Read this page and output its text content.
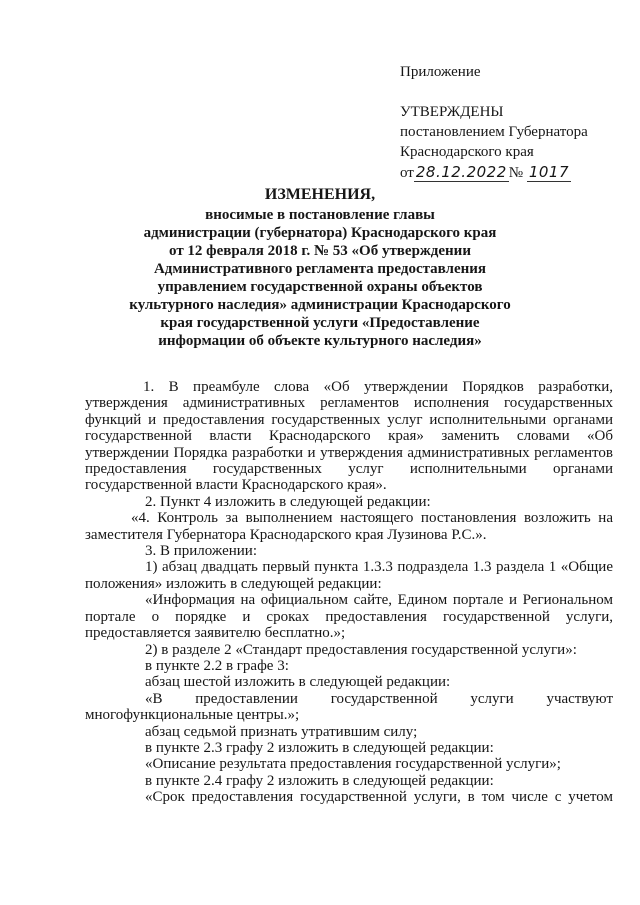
Приложение
УТВЕРЖДЕНЫ
постановлением Губернатора
Краснодарского края
от 28.12.2022 № 1017
ИЗМЕНЕНИЯ,
вносимые в постановление главы
администрации (губернатора) Краснодарского края
от 12 февраля 2018 г. № 53 «Об утверждении
Административного регламента предоставления
управлением государственной охраны объектов
культурного наследия» администрации Краснодарского
края государственной услуги «Предоставление
информации об объекте культурного наследия»

1. В преамбуле слова «Об утверждении Порядков разработки, утверждения административных регламентов исполнения государственных функций и предоставления государственных услуг исполнительными органами государственной власти Краснодарского края» заменить словами «Об утверждении Порядка разработки и утверждения административных регламентов предоставления государственных услуг исполнительными органами государственной власти Краснодарского края».

2. Пункт 4 изложить в следующей редакции:

«4. Контроль за выполнением настоящего постановления возложить на заместителя Губернатора Краснодарского края Лузинова Р.С.».

3. В приложении:

1) абзац двадцать первый пункта 1.3.3 подраздела 1.3 раздела 1 «Общие положения» изложить в следующей редакции:

«Информация на официальном сайте, Едином портале и Региональном портале о порядке и сроках предоставления государственной услуги, предоставляется заявителю бесплатно.»;

2) в разделе 2 «Стандарт предоставления государственной услуги»:

в пункте 2.2 в графе 3:

абзац шестой изложить в следующей редакции:

«В предоставлении государственной услуги участвуют многофункциональные центры.»;

абзац седьмой признать утратившим силу;

в пункте 2.3 графу 2 изложить в следующей редакции:

«Описание результата предоставления государственной услуги»;

в пункте 2.4 графу 2 изложить в следующей редакции:

«Срок предоставления государственной услуги, в том числе с учетом
